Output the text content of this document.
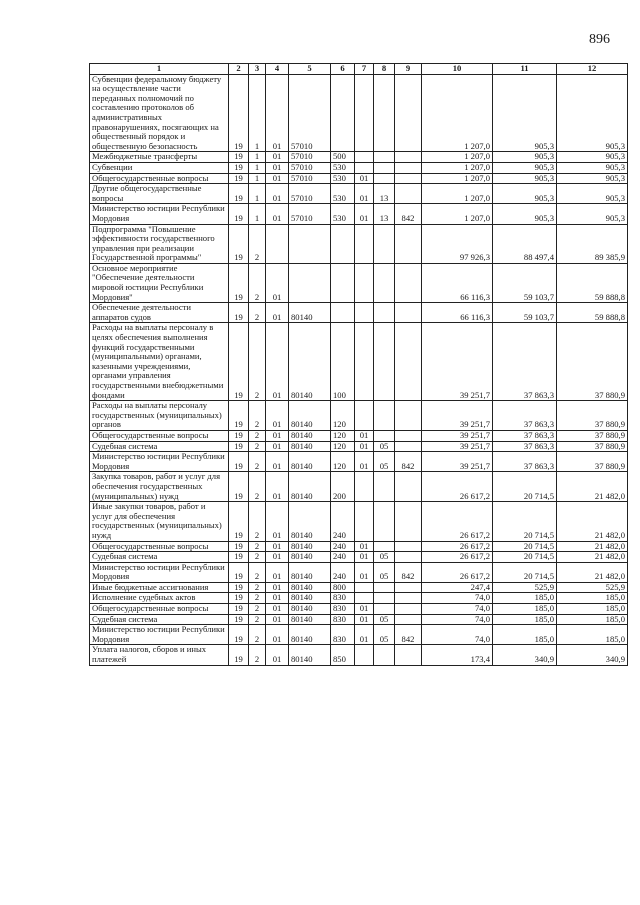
896
1	2	3	4	5	6	7	8	9	10	11	12
Субвенции федеральному бюджету на осуществление части переданных полномочий по составлению протоколов об административных правонарушениях, посягающих на общественный порядок и общественную безопасность	19	1	01	57010					1 207,0	905,3	905,3
Межбюджетные трансферты	19	1	01	57010	500				1 207,0	905,3	905,3
Субвенции	19	1	01	57010	530				1 207,0	905,3	905,3
Общегосударственные вопросы	19	1	01	57010	530	01			1 207,0	905,3	905,3
Другие общегосударственные вопросы	19	1	01	57010	530	01	13		1 207,0	905,3	905,3
Министерство юстиции Республики Мордовия	19	1	01	57010	530	01	13	842	1 207,0	905,3	905,3
Подпрограмма "Повышение эффективности государственного управления при реализации Государственной программы"	19	2							97 926,3	88 497,4	89 385,9
Основное мероприятие "Обеспечение деятельности мировой юстиции Республики Мордовия"	19	2	01						66 116,3	59 103,7	59 888,8
Обеспечение деятельности аппаратов судов	19	2	01	80140					66 116,3	59 103,7	59 888,8
Расходы на выплаты персоналу в целях обеспечения выполнения функций государственными (муниципальными) органами, казенными учреждениями, органами управления государственными внебюджетными фондами	19	2	01	80140	100				39 251,7	37 863,3	37 880,9
Расходы на выплаты персоналу государственных (муниципальных) органов	19	2	01	80140	120				39 251,7	37 863,3	37 880,9
Общегосударственные вопросы	19	2	01	80140	120	01			39 251,7	37 863,3	37 880,9
Судебная система	19	2	01	80140	120	01	05		39 251,7	37 863,3	37 880,9
Министерство юстиции Республики Мордовия	19	2	01	80140	120	01	05	842	39 251,7	37 863,3	37 880,9
Закупка товаров, работ и услуг для обеспечения государственных (муниципальных) нужд	19	2	01	80140	200				26 617,2	20 714,5	21 482,0
Иные закупки товаров, работ и услуг для обеспечения государственных (муниципальных) нужд	19	2	01	80140	240				26 617,2	20 714,5	21 482,0
Общегосударственные вопросы	19	2	01	80140	240	01			26 617,2	20 714,5	21 482,0
Судебная система	19	2	01	80140	240	01	05		26 617,2	20 714,5	21 482,0
Министерство юстиции Республики Мордовия	19	2	01	80140	240	01	05	842	26 617,2	20 714,5	21 482,0
Иные бюджетные ассигнования	19	2	01	80140	800				247,4	525,9	525,9
Исполнение судебных актов	19	2	01	80140	830				74,0	185,0	185,0
Общегосударственные вопросы	19	2	01	80140	830	01			74,0	185,0	185,0
Судебная система	19	2	01	80140	830	01	05		74,0	185,0	185,0
Министерство юстиции Республики Мордовия	19	2	01	80140	830	01	05	842	74,0	185,0	185,0
Уплата налогов, сборов и иных платежей	19	2	01	80140	850				173,4	340,9	340,9
